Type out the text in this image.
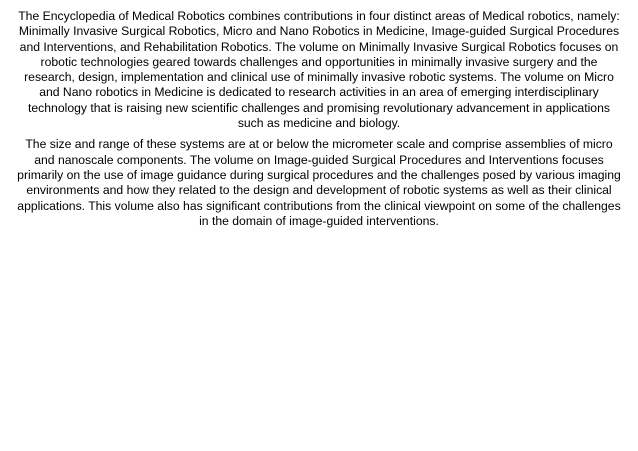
The Encyclopedia of Medical Robotics combines contributions in four distinct areas of Medical robotics, namely: Minimally Invasive Surgical Robotics, Micro and Nano Robotics in Medicine, Image-guided Surgical Procedures and Interventions, and Rehabilitation Robotics. The volume on Minimally Invasive Surgical Robotics focuses on robotic technologies geared towards challenges and opportunities in minimally invasive surgery and the research, design, implementation and clinical use of minimally invasive robotic systems. The volume on Micro and Nano robotics in Medicine is dedicated to research activities in an area of emerging interdisciplinary technology that is raising new scientific challenges and promising revolutionary advancement in applications such as medicine and biology.

The size and range of these systems are at or below the micrometer scale and comprise assemblies of micro and nanoscale components. The volume on Image-guided Surgical Procedures and Interventions focuses primarily on the use of image guidance during surgical procedures and the challenges posed by various imaging environments and how they related to the design and development of robotic systems as well as their clinical applications. This volume also has significant contributions from the clinical viewpoint on some of the challenges in the domain of image-guided interventions.
